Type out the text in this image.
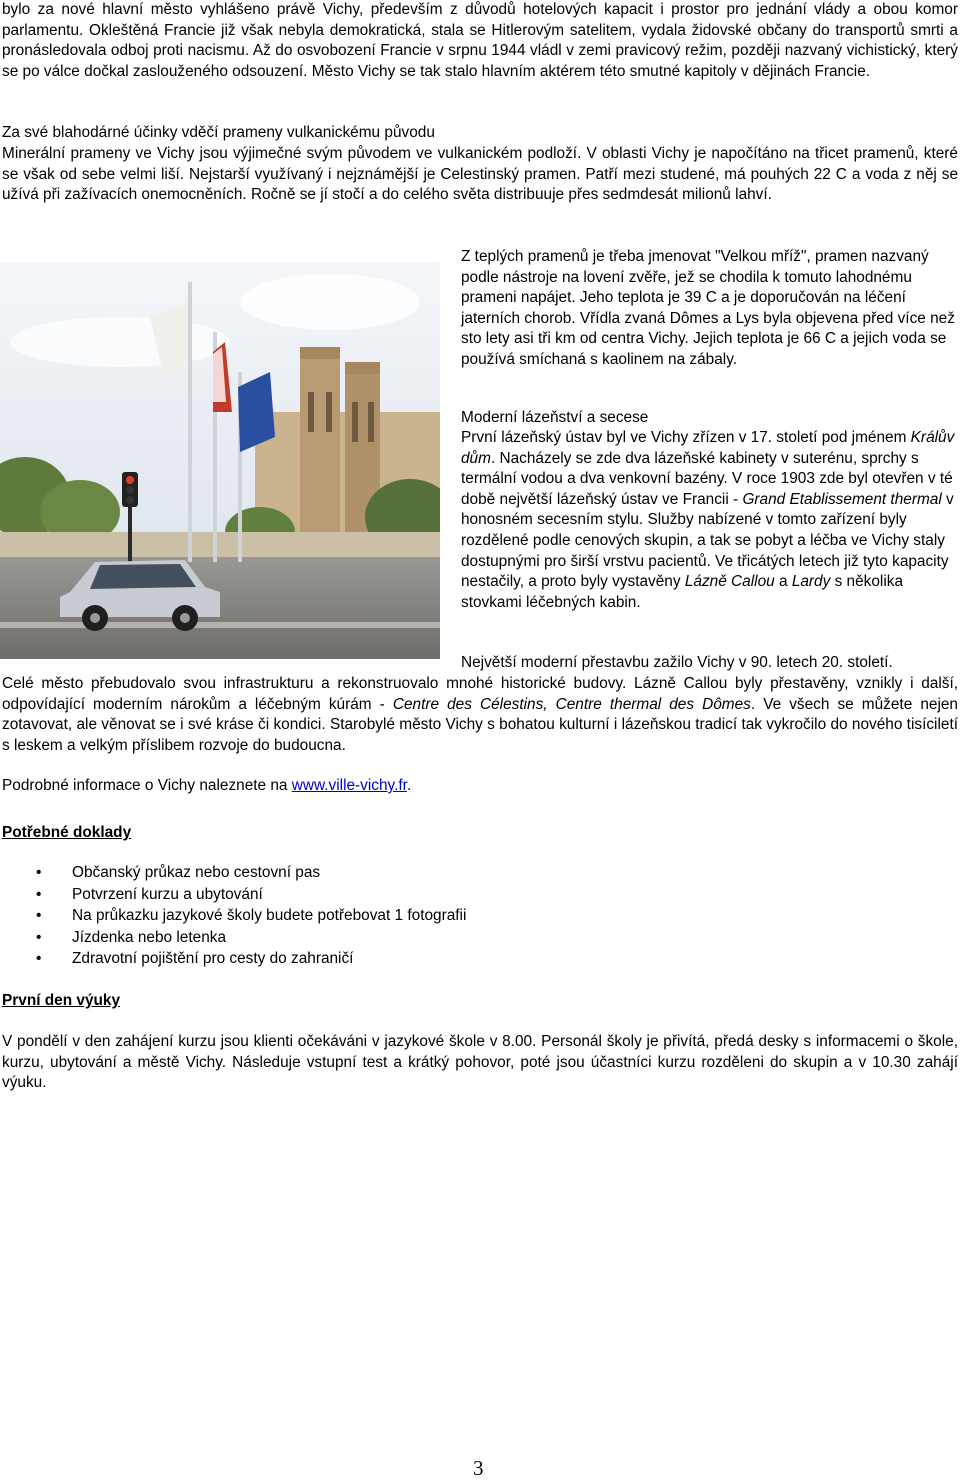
bylo za nové hlavní město vyhlášeno právě Vichy, především z důvodů hotelových kapacit i prostor pro jednání vlády a obou komor parlamentu. Okleštěná Francie již však nebyla demokratická, stala se Hitlerovým satelitem, vydala židovské občany do transportů smrti a pronásledovala odboj proti nacismu. Až do osvobození Francie v srpnu 1944 vládl v zemi pravicový režim, později nazvaný vichistický, který se po válce dočkal zaslouženého odsouzení. Město Vichy se tak stalo hlavním aktérem této smutné kapitoly v dějinách Francie.

Za své blahodárné účinky vděčí prameny vulkanickému původu

Minerální prameny ve Vichy jsou výjimečné svým původem ve vulkanickém podloží. V oblasti Vichy je napočítáno na třicet pramenů, které se však od sebe velmi liší. Nejstarší využívaný i nejznámější je Celestinský pramen. Patří mezi studené, má pouhých 22 C a voda z něj se užívá při zažívacích onemocněních. Ročně se jí stočí a do celého světa distribuuje přes sedmdesát milionů lahví.

Z teplých pramenů je třeba jmenovat "Velkou mříž", pramen nazvaný podle nástroje na lovení zvěře, jež se chodila k tomuto lahodnému prameni napájet. Jeho teplota je 39 C a je doporučován na léčení jaterních chorob. Vřídla zvaná Dômes a Lys byla objevena před více než sto lety asi tři km od centra Vichy. Jejich teplota je 66 C a jejich voda se používá smíchaná s kaolinem na zábaly.

Moderní lázeňství a secese

První lázeňský ústav byl ve Vichy zřízen v 17. století pod jménem Králův dům. Nacházely se zde dva lázeňské kabinety v suterénu, sprchy s termální vodou a dva venkovní bazény. V roce 1903 zde byl otevřen v té době největší lázeňský ústav ve Francii - Grand Etablissement thermal v honosném secesním stylu. Služby nabízené v tomto zařízení byly rozdělené podle cenových skupin, a tak se pobyt a léčba ve Vichy staly dostupnými pro širší vrstvu pacientů. Ve třicátých letech již tyto kapacity nestačily, a proto byly vystavěny Lázně Callou a Lardy s několika stovkami léčebných kabin.

Největší moderní přestavbu zažilo Vichy v 90. letech 20. století.

Celé město přebudovalo svou infrastrukturu a rekonstruovalo mnohé historické budovy. Lázně Callou byly přestavěny, vznikly i další, odpovídající moderním nárokům a léčebným kúrám - Centre des Célestins, Centre thermal des Dômes. Ve všech se můžete nejen zotavovat, ale věnovat se i své kráse či kondici. Starobylé město Vichy s bohatou kulturní i lázeňskou tradicí tak vykročilo do nového tisíciletí s leskem a velkým příslibem rozvoje do budoucna.

Podrobné informace o Vichy naleznete na www.ville-vichy.fr.

Potřebné doklady

• Občanský průkaz nebo cestovní pas
• Potvrzení kurzu a ubytování
• Na průkazku jazykové školy budete potřebovat 1 fotografii
• Jízdenka nebo letenka
• Zdravotní pojištění pro cesty do zahraničí

První den výuky

V pondělí v den zahájení kurzu jsou klienti očekáváni v jazykové škole v 8.00. Personál školy je přivítá, předá desky s informacemi o škole, kurzu, ubytování a městě Vichy. Následuje vstupní test a krátký pohovor, poté jsou účastníci kurzu rozděleni do skupin a v 10.30 zahájí výuku.

3
